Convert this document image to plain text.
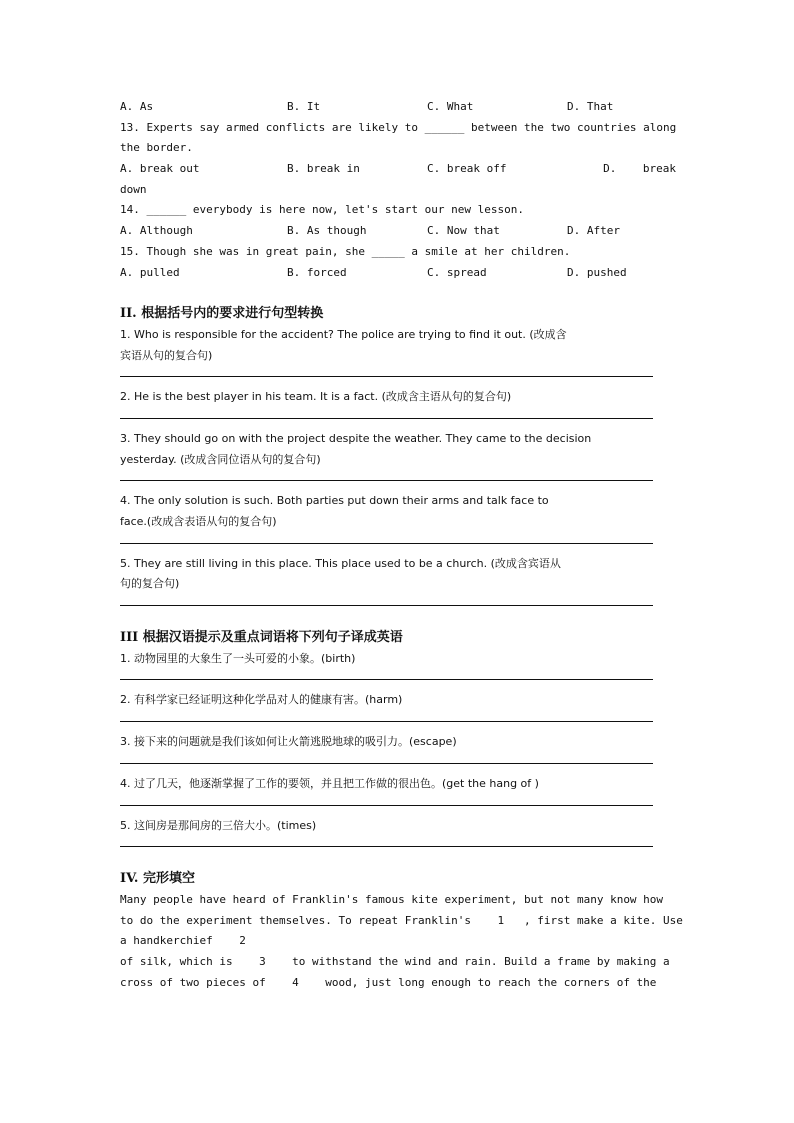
A. As	B. It	C. What	D. That
13. Experts say armed conflicts are likely to ______ between the two countries along
the border.
A. break out	B. break in	C. break off	D.    break
down
14. ______ everybody is here now, let's start our new lesson.
A. Although	B. As though	C. Now that	D. After
15. Though she was in great pain, she _____ a smile at her children.
A. pulled	B. forced	C. spread	D. pushed
II. 根据括号内的要求进行句型转换
1. Who is responsible for the accident? The police are trying to find it out. (改成含
宾语从句的复合句)
2. He is the best player in his team. It is a fact. (改成含主语从句的复合句)
3. They should go on with the project despite the weather. They came to the decision
yesterday. (改成含同位语从句的复合句)
4. The only solution is such. Both parties put down their arms and talk face to
face.(改成含表语从句的复合句)
5. They are still living in this place. This place used to be a church. (改成含宾语从
句的复合句)
III 根据汉语提示及重点词语将下列句子译成英语
1. 动物园里的大象生了一头可爱的小象。(birth)
2. 有科学家已经证明这种化学品对人的健康有害。(harm)
3. 接下来的问题就是我们该如何让火箭逃脱地球的吸引力。(escape)
4. 过了几天，他逐渐掌握了工作的要领，并且把工作做的很出色。(get the hang of )
5. 这间房是那间房的三倍大小。(times)
IV. 完形填空
Many people have heard of Franklin's famous kite experiment, but not many know how
to do the experiment themselves. To repeat Franklin's    1   , first make a kite. Use
a handkerchief    2
of silk, which is    3    to withstand the wind and rain. Build a frame by making a
cross of two pieces of    4    wood, just long enough to reach the corners of the
